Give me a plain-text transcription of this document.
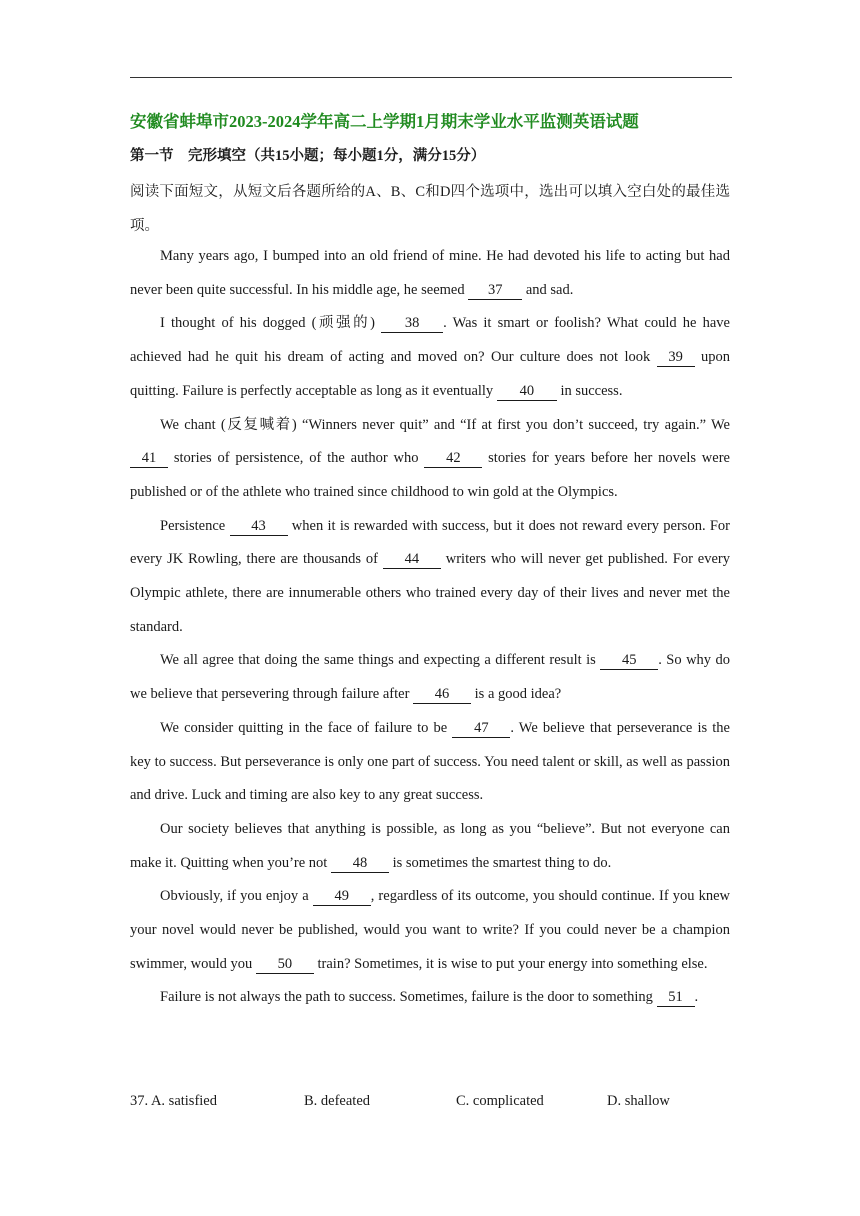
安徽省蚌埠市2023-2024学年高二上学期1月期末学业水平监测英语试题
第一节　完形填空（共15小题；每小题1分，满分15分）
阅读下面短文，从短文后各题所给的A、B、C和D四个选项中，选出可以填入空白处的最佳选项。

Many years ago, I bumped into an old friend of mine. He had devoted his life to acting but had never been quite successful. In his middle age, he seemed 37 and sad.

I thought of his dogged (顽强的) 38 . Was it smart or foolish? What could he have achieved had he quit his dream of acting and moved on? Our culture does not look 39 upon quitting. Failure is perfectly acceptable as long as it eventually 40 in success.

We chant (反复喊着) “Winners never quit” and “If at first you don’t succeed, try again.” We 41 stories of persistence, of the author who 42 stories for years before her novels were published or of the athlete who trained since childhood to win gold at the Olympics.

Persistence 43 when it is rewarded with success, but it does not reward every person. For every JK Rowling, there are thousands of 44 writers who will never get published. For every Olympic athlete, there are innumerable others who trained every day of their lives and never met the standard.

We all agree that doing the same things and expecting a different result is 45 . So why do we believe that persevering through failure after 46 is a good idea?

We consider quitting in the face of failure to be 47 . We believe that perseverance is the key to success. But perseverance is only one part of success. You need talent or skill, as well as passion and drive. Luck and timing are also key to any great success.

Our society believes that anything is possible, as long as you “believe”. But not everyone can make it. Quitting when you’re not 48 is sometimes the smartest thing to do.

Obviously, if you enjoy a 49 , regardless of its outcome, you should continue. If you knew your novel would never be published, would you want to write? If you could never be a champion swimmer, would you 50 train? Sometimes, it is wise to put your energy into something else.

Failure is not always the path to success. Sometimes, failure is the door to something 51 .

37. A. satisfied	B. defeated	C. complicated	D. shallow
